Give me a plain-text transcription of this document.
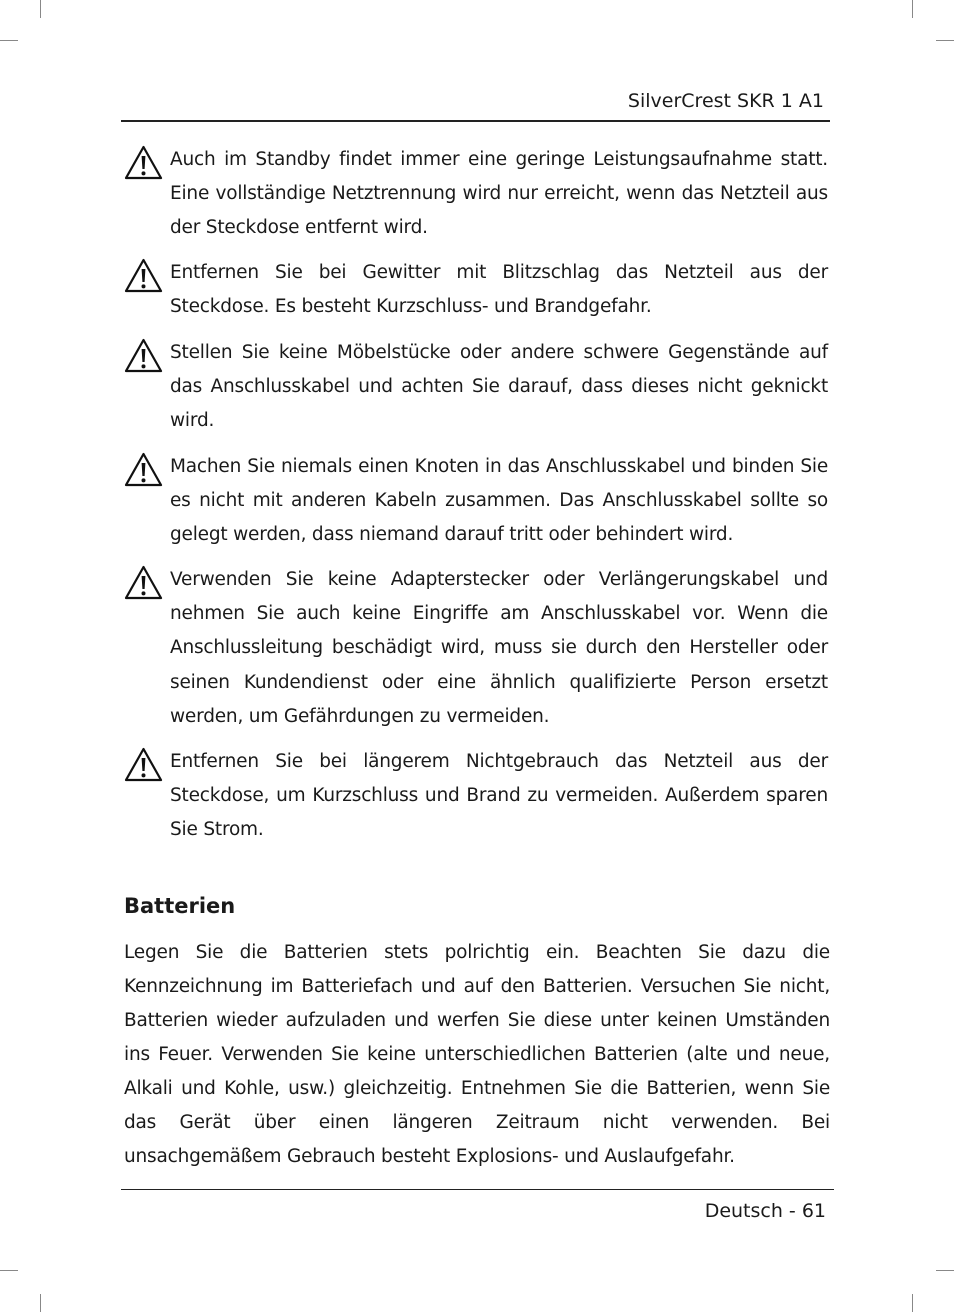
SilverCrest SKR 1 A1

Auch im Standby findet immer eine geringe Leistungsaufnahme statt. Eine vollständige Netztrennung wird nur erreicht, wenn das Netzteil aus der Steckdose entfernt wird.

Entfernen Sie bei Gewitter mit Blitzschlag das Netzteil aus der Steckdose. Es besteht Kurzschluss- und Brandgefahr.

Stellen Sie keine Möbelstücke oder andere schwere Gegenstände auf das Anschlusskabel und achten Sie darauf, dass dieses nicht geknickt wird.

Machen Sie niemals einen Knoten in das Anschlusskabel und binden Sie es nicht mit anderen Kabeln zusammen. Das Anschlusskabel sollte so gelegt werden, dass niemand darauf tritt oder behindert wird.

Verwenden Sie keine Adapterstecker oder Verlängerungskabel und nehmen Sie auch keine Eingriffe am Anschlusskabel vor. Wenn die Anschlussleitung beschädigt wird, muss sie durch den Hersteller oder seinen Kundendienst oder eine ähnlich qualifizierte Person ersetzt werden, um Gefährdungen zu vermeiden.

Entfernen Sie bei längerem Nichtgebrauch das Netzteil aus der Steckdose, um Kurzschluss und Brand zu vermeiden. Außerdem sparen Sie Strom.

Batterien

Legen Sie die Batterien stets polrichtig ein. Beachten Sie dazu die Kennzeichnung im Batteriefach und auf den Batterien. Versuchen Sie nicht, Batterien wieder aufzuladen und werfen Sie diese unter keinen Umständen ins Feuer. Verwenden Sie keine unterschiedlichen Batterien (alte und neue, Alkali und Kohle, usw.) gleichzeitig. Entnehmen Sie die Batterien, wenn Sie das Gerät über einen längeren Zeitraum nicht verwenden. Bei unsachgemäßem Gebrauch besteht Explosions- und Auslaufgefahr.

Deutsch - 61
